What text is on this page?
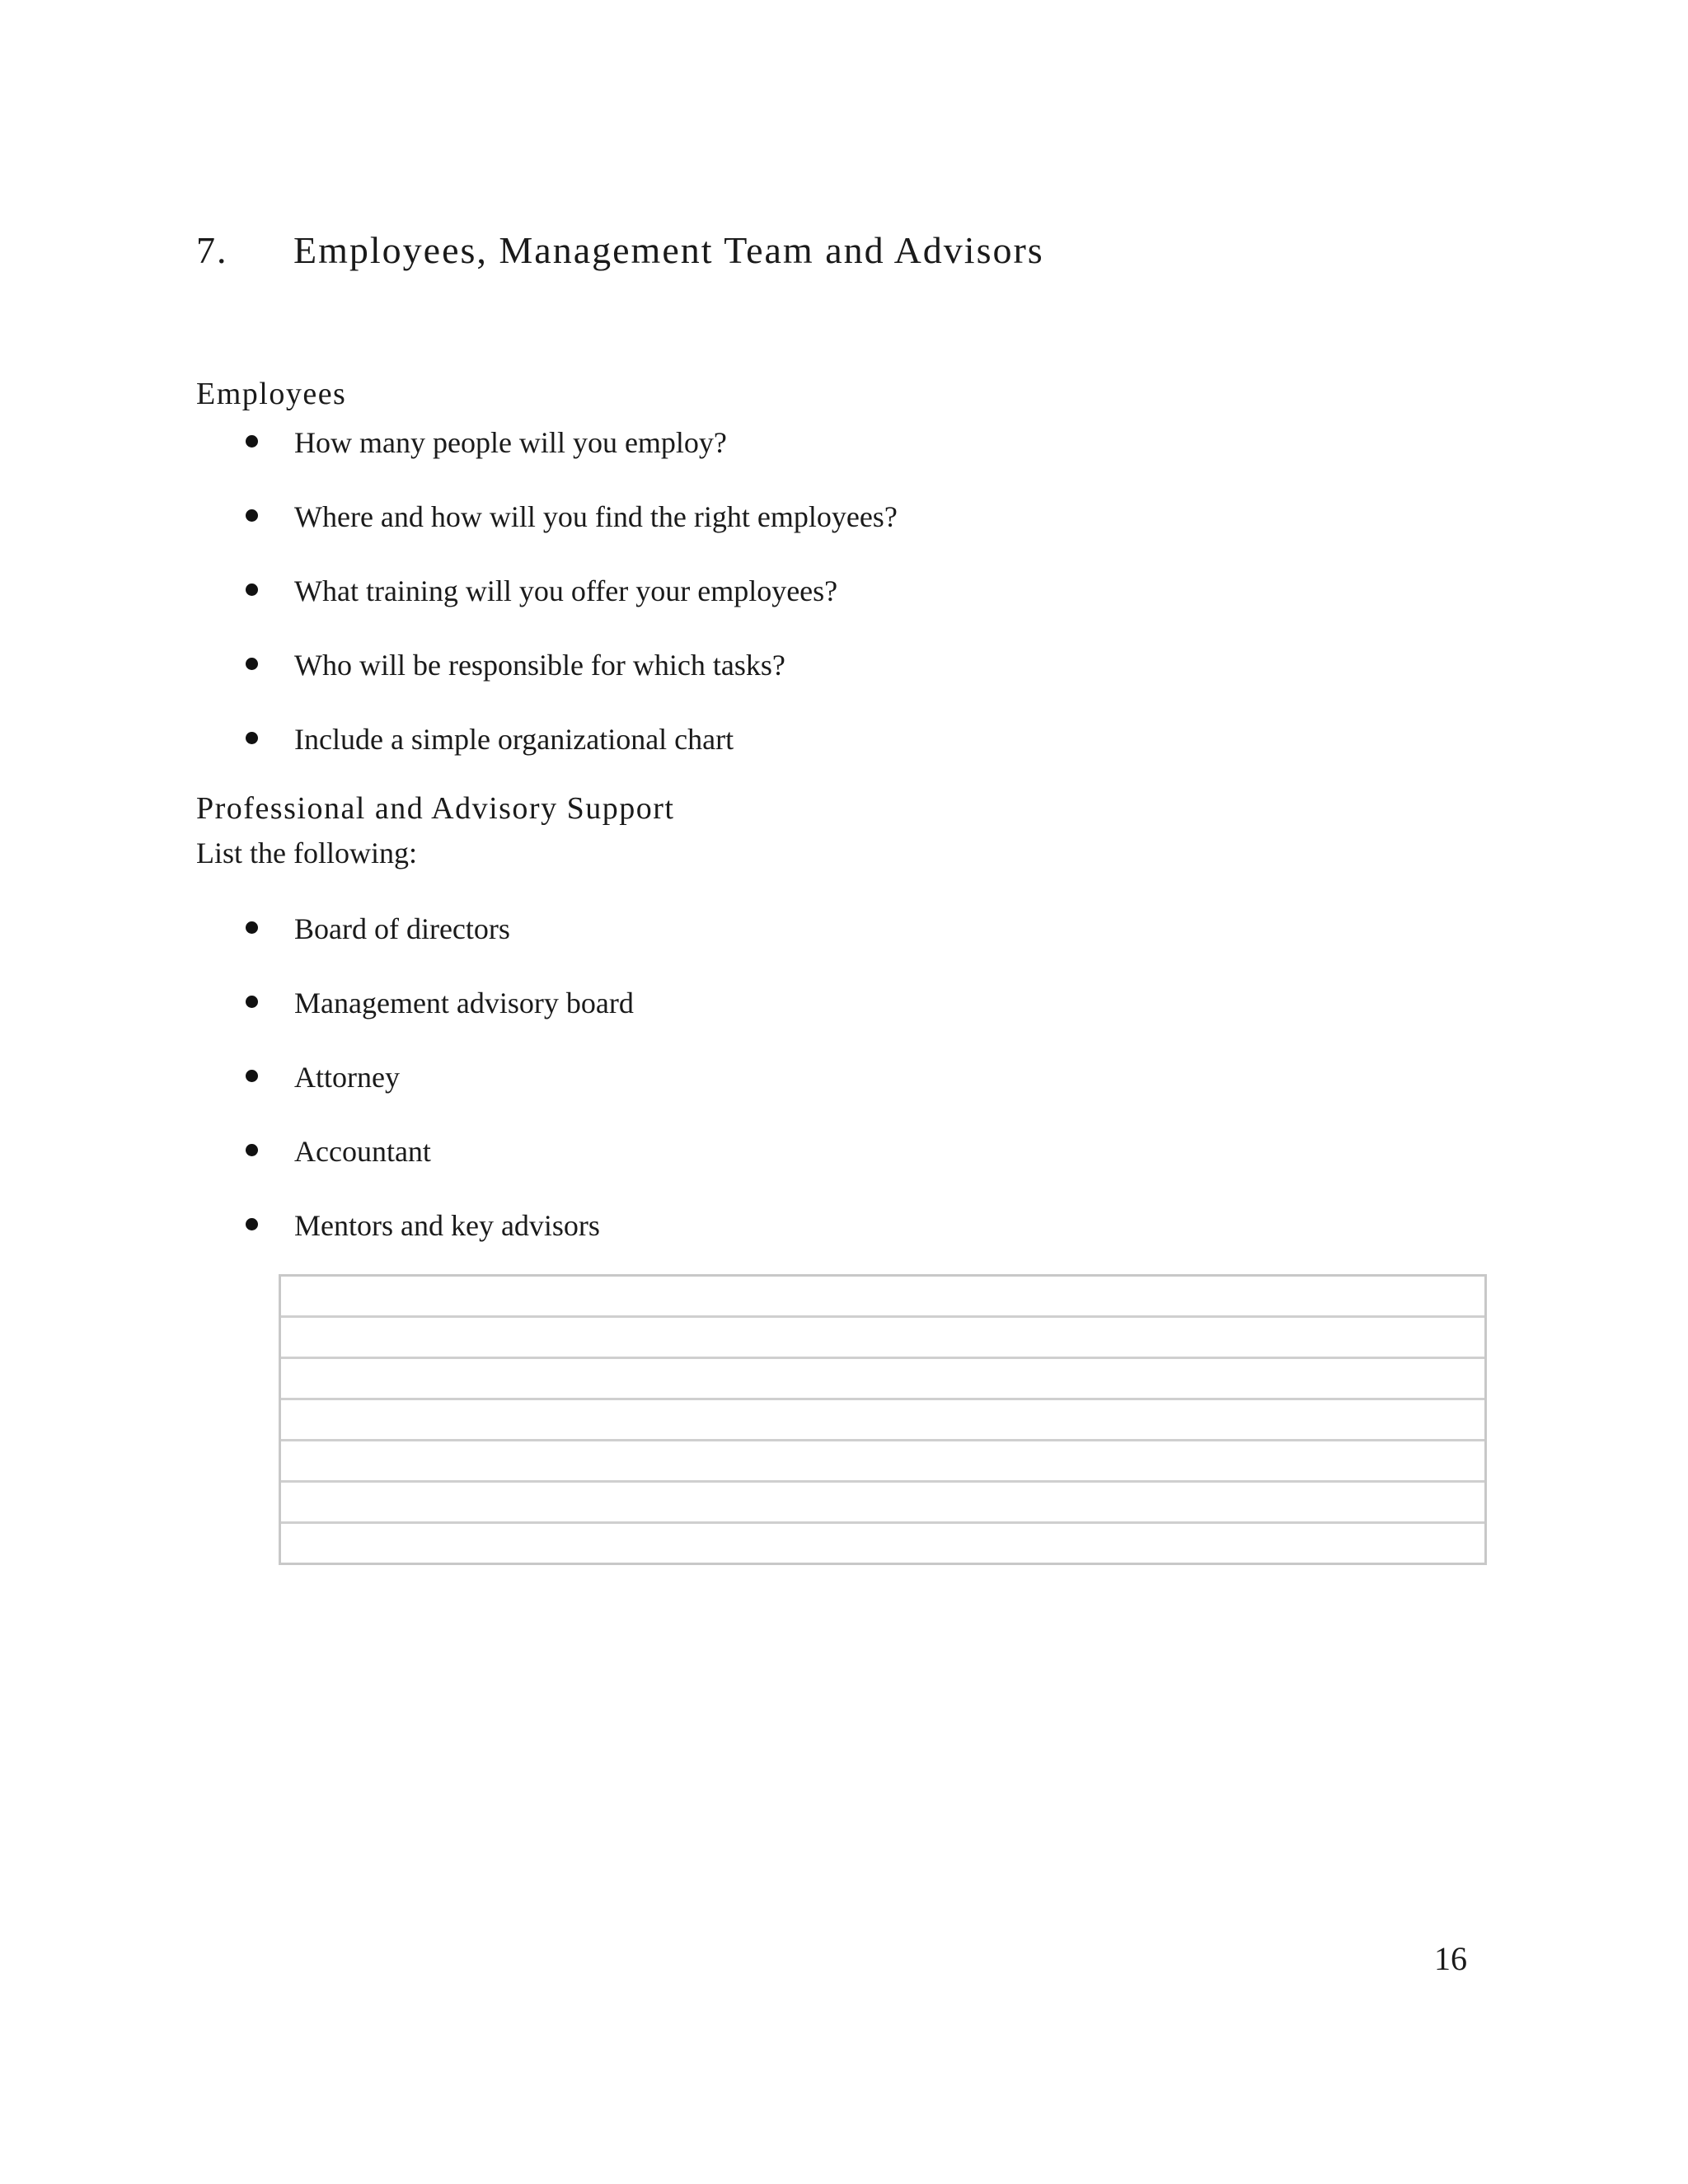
7. Employees, Management Team and Advisors
Employees
How many people will you employ?
Where and how will you find the right employees?
What training will you offer your employees?
Who will be responsible for which tasks?
Include a simple organizational chart
Professional and Advisory Support
List the following:
Board of directors
Management advisory board
Attorney
Accountant
Mentors and key advisors
16
